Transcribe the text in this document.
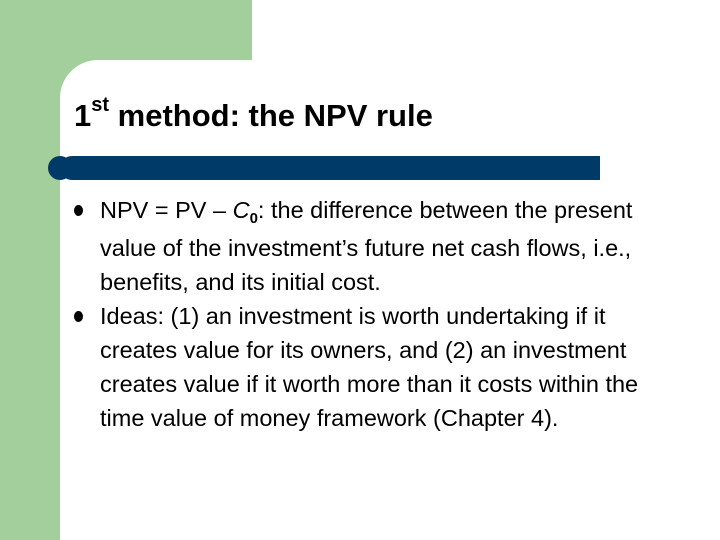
1st method: the NPV rule
NPV = PV – $C_0$: the difference between the present value of the investment’s future net cash flows, i.e., benefits, and its initial cost.
Ideas: (1) an investment is worth undertaking if it creates value for its owners, and (2) an investment creates value if it worth more than it costs within the time value of money framework (Chapter 4).
